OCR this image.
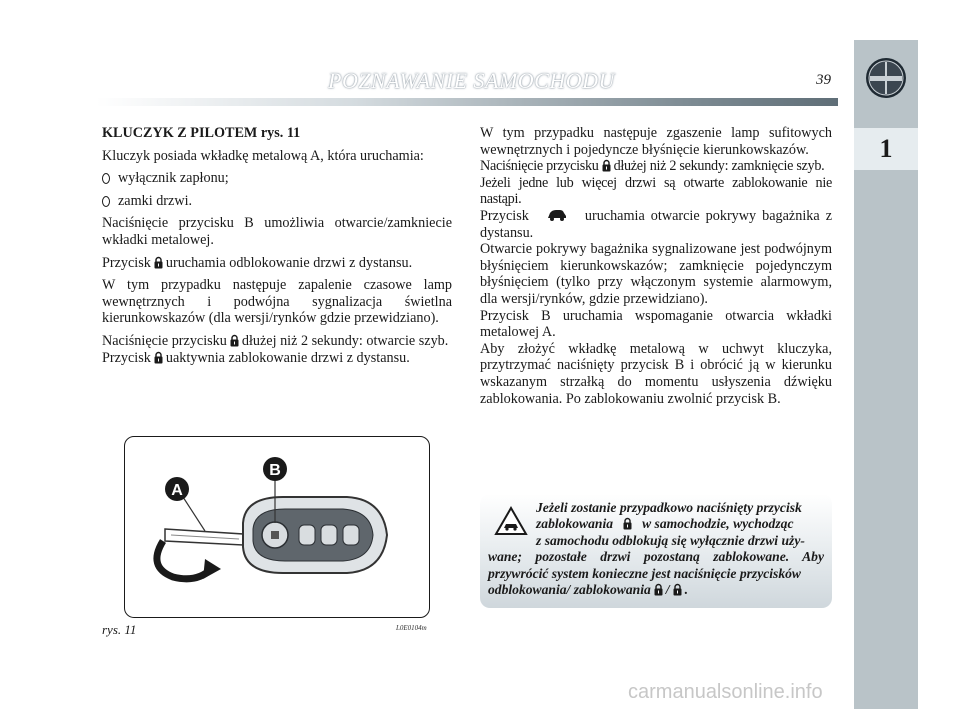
1
POZNAWANIE SAMOCHODU	39

KLUCZYK Z PILOTEM rys. 11

Kluczyk posiada wkładkę metalową A, która uruchamia:

wyłącznik zapłonu;

zamki drzwi.

Naciśnięcie przycisku B umożliwia otwarcie/zamkniecie wkładki metalowej.

Przycisk uruchamia odblokowanie drzwi z dystansu.

W tym przypadku następuje zapalenie czasowe lamp wewnętrznych i podwójna sygnalizacja świetlna kierunkowskazów (dla wersji/rynków gdzie przewidziano).

Naciśnięcie przycisku dłużej niż 2 sekundy: otwarcie szyb.

Przycisk uaktywnia zablokowanie drzwi z dystansu.

W tym przypadku następuje zgaszenie lamp sufitowych wewnętrznych i pojedyncze błyśnięcie kierunkowskazów.

Naciśnięcie przycisku dłużej niż 2 sekundy: zamknięcie szyb.

Jeżeli jedne lub więcej drzwi są otwarte zablokowanie nie nastąpi.

Przycisk	uruchamia otwarcie pokrywy bagażnika z dystansu.

Otwarcie pokrywy bagażnika sygnalizowane jest podwójnym błyśnięciem kierunkowskazów; zamknięcie pojedynczym błyśnięciem (tylko przy włączonym systemie alarmowym, dla wersji/rynków, gdzie przewidziano).

Przycisk B uruchamia wspomaganie otwarcia wkładki metalowej A.

Aby złożyć wkładkę metalową w uchwyt kluczyka, przytrzymać naciśnięty przycisk B i obrócić ją w kierunku wskazanym strzałką do momentu usłyszenia dźwięku zablokowania. Po zablokowaniu zwolnić przycisk B.

A
B
rys. 11	L0E0104m

Jeżeli zostanie przypadkowo naciśnięty przycisk

zablokowania w samochodzie, wychodząc

z samochodu odblokują się wyłącznie drzwi uży-

wane; pozostałe drzwi pozostaną zablokowane. Aby przywrócić system konieczne jest naciśnięcie przycisków

odblokowania/ zablokowania / .

carmanualsonline.info
